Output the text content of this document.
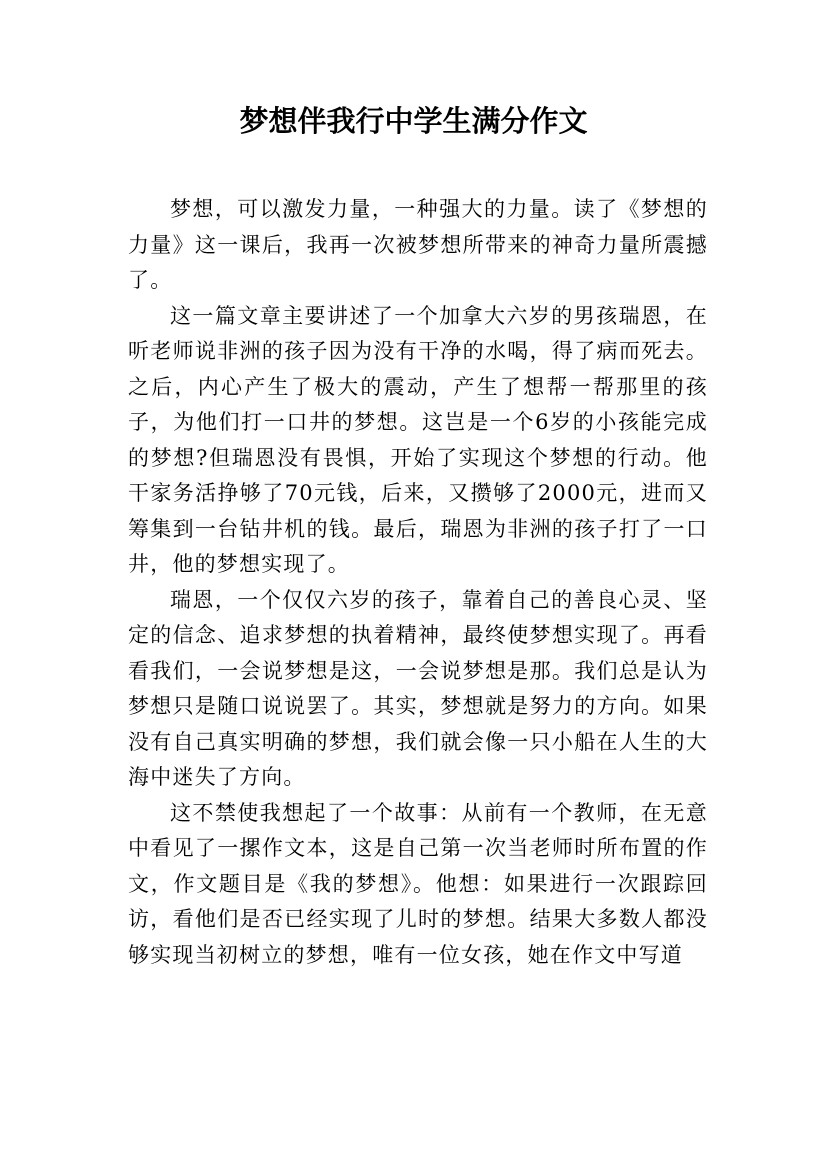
梦想伴我行中学生满分作文

梦想，可以激发力量，一种强大的力量。读了《梦想的力量》这一课后，我再一次被梦想所带来的神奇力量所震撼了。

这一篇文章主要讲述了一个加拿大六岁的男孩瑞恩，在听老师说非洲的孩子因为没有干净的水喝，得了病而死去。之后，内心产生了极大的震动，产生了想帮一帮那里的孩子，为他们打一口井的梦想。这岂是一个6岁的小孩能完成的梦想?但瑞恩没有畏惧，开始了实现这个梦想的行动。他干家务活挣够了70元钱，后来，又攒够了2000元，进而又筹集到一台钻井机的钱。最后，瑞恩为非洲的孩子打了一口井，他的梦想实现了。

瑞恩，一个仅仅六岁的孩子，靠着自己的善良心灵、坚定的信念、追求梦想的执着精神，最终使梦想实现了。再看看我们，一会说梦想是这，一会说梦想是那。我们总是认为梦想只是随口说说罢了。其实，梦想就是努力的方向。如果没有自己真实明确的梦想，我们就会像一只小船在人生的大海中迷失了方向。

这不禁使我想起了一个故事：从前有一个教师，在无意中看见了一摞作文本，这是自己第一次当老师时所布置的作文，作文题目是《我的梦想》。他想：如果进行一次跟踪回访，看他们是否已经实现了儿时的梦想。结果大多数人都没够实现当初树立的梦想，唯有一位女孩，她在作文中写道
